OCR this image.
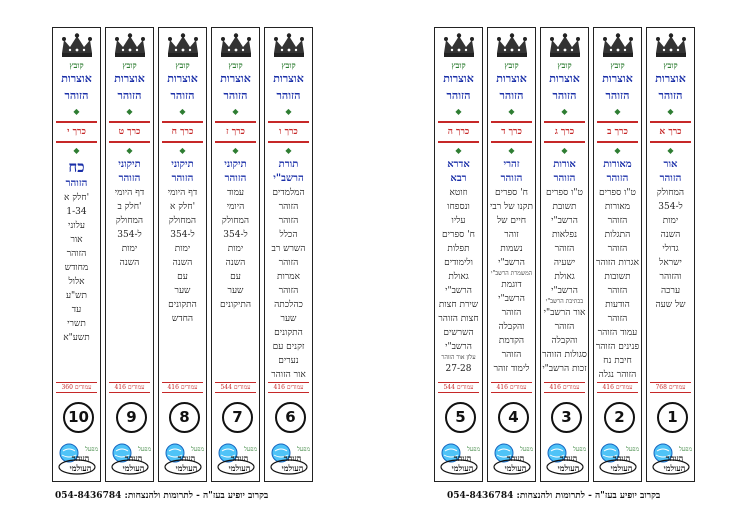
קובץ
אוצרות
הזוהר
◆
כרך א
◆
אור
הזוהר
המחולק
ל-354
ימות
השנה
גדולי
ישראל
והזוהר
ערכה
של שעה
768 עמודים
1
מפעל
הזוהר העולמי
קובץ
אוצרות
הזוהר
◆
כרך ב
◆
מאורות
הזוהר
ט"ו ספרים
מאורות הזוהר
התגלות הזוהר
אגרות הזוהר
תשובות הזוהר
הודעות הזוהר
עמוד הזוהר
פנינים הזוהר
חיבת נח
הזוהר נגלה
416 עמודים
2
מפעל
הזוהר העולמי
קובץ
אוצרות
הזוהר
◆
כרך ג
◆
אורות
הזוהר
ט"ו ספרים
תשובת הרשב"י
נפלאות הזוהר
ישעיה
גאולת הרשב"י
בכתיבת הרשב"י
אור הרשב"י
הזוהר והקבלה
סגולות הזוהר
זכות הרשב"י
416 עמודים
3
מפעל
הזוהר העולמי
קובץ
אוצרות
הזוהר
◆
כרך ד
◆
זהרי
הזוהר
ח' ספרים
תקנו של רבי
חיים של זוהר
נשמות הרשב"י
המשמרת הרשב"י
דוגמת הרשב"י
הזוהר והקבלה
הקדמת
הזוהר
לימוד זוהר
416 עמודים
4
מפעל
הזוהר העולמי
קובץ
אוצרות
הזוהר
◆
כרך ה
◆
אדרא
רבא
וזוטא
ונספחו
עליו
ח' ספרים
תפלות
ולימודים
גאולת הרשב"י
שירת חצות
חצות הזוהר
השרשים
הרשב"י
עלון אור הזוהר
27-28
544 עמודים
5
מפעל
הזוהר העולמי
קובץ
אוצרות
הזוהר
◆
כרך ו
◆
תורת
הרשב"י
המלמדים
הזוהר
הזוהר
הכלל
השרש רב
הזוהר
אמרות
הזוהר
כהלכתה
שער
התקונים
זקנים עם
נערים
אור הזוהר
416 עמודים
6
מפעל
הזוהר העולמי
קובץ
אוצרות
הזוהר
◆
כרך ז
◆
תיקוני
הזוהר
עמוד
היומי
המחולק
ל-354
ימות
השנה
עם
שער
התיקונים
544 עמודים
7
מפעל
הזוהר העולמי
קובץ
אוצרות
הזוהר
◆
כרך ח
◆
תיקוני
הזוהר
דף היומי
חלק א'
המחולק
ל-354
ימות
השנה
עם
שער
התקונים
החדש
416 עמודים
8
מפעל
הזוהר העולמי
קובץ
אוצרות
הזוהר
◆
כרך ט
◆
תיקוני
הזוהר
דף היומי
חלק ב'
המחולק
ל-354
ימות
השנה
416 עמודים
9
מפעל
הזוהר העולמי
קובץ
אוצרות
הזוהר
◆
כרך י
◆
כח
הזוהר
חלק א'
1-34
עלוני
אור
הזוהר
מחודש
אלול
תש"ע
עד
תשרי
תשע"א
360 עמודים
10
מפעל
הזוהר העולמי
בקרוב יופיע בעז"ה - לתרומות ולהנצחות: 054-8436784	בקרוב יופיע בעז"ה - לתרומות ולהנצחות: 054-8436784
